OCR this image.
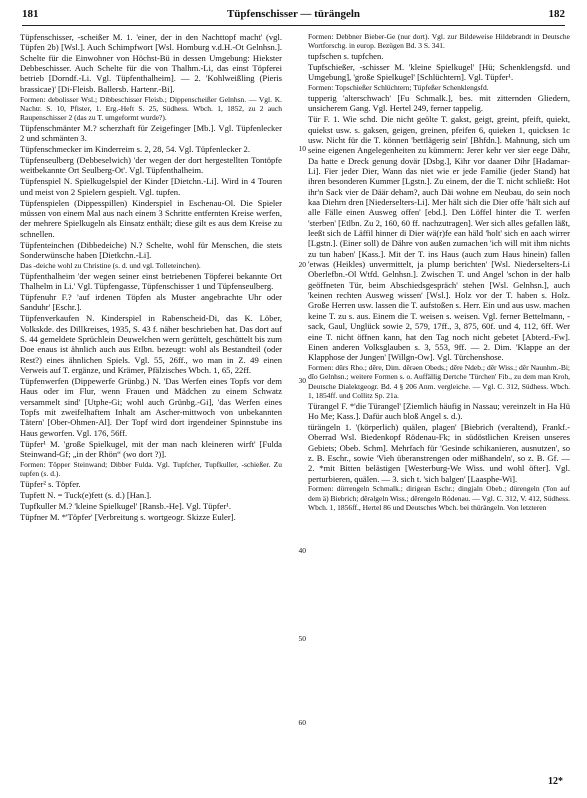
181	Tüpfenschisser — türängeln	182

Tüpfenschisser, -scheißer M. 1. 'einer, der in den Nachttopf macht' (vgl. Tüpfen 2b) [Wsl.]. Auch Schimpfwort [Wsl. Homburg v.d.H.-Ot Gelnhsn.]. Schelte für die Einwohner von Höchst-Bü in dessen Umgebung: Hiekster Debbeschisser. Auch Schelte für die von Thalhm.-Li, das einst Töpferei betrieb [Dorndf.-Li. Vgl. Tüpfenthalheim]. — 2. 'Kohlweißling (Pieris brassicae)' [Di-Fleisb. Ballersb. Hartenr.-Bi].

Formen: debolisser Wsl.; Dibbeschisser Fleisb.; Dippenscheißer Gelnhsn. — Vgl. K. Nachtr. S. 10, Pfister, 1. Erg.-Heft S. 25, Südhess. Wbch. 1, 1852, zu 2 auch Raupenschisser 2 (das zu T. umgeformt wurde?).

Tüpfenschmänter M.? scherzhaft für Zeigefinger [Mb.]. Vgl. Tüpfenlecker 2 und schmänten 3.

Tüpfenschmecker im Kinderreim s. 2, 28, 54. Vgl. Tüpfenlecker 2.

Tüpfenseulberg (Debbeselwich) 'der wegen der dort hergestellten Tontöpfe weitbekannte Ort Seulberg-Ot'. Vgl. Tüpfenthalheim.

Tüpfenspiel N. Spielkugelspiel der Kinder [Dietchn.-Li]. Wird in 4 Touren und meist von 2 Spielern gespielt. Vgl. tupfen.

Tüpfenspielen (Dippesspillen) Kinderspiel in Eschenau-Ol. Die Spieler müssen von einem Mal aus nach einem 3 Schritte entfernten Kreise werfen, der mehrere Spielkugeln als Einsatz enthält; diese gilt es aus dem Kreise zu schnellen.

Tüpfenteinchen (Dibbedeiche) N.? Schelte, wohl für Menschen, die stets Sonderwünsche haben [Dietkchn.-Li].

Das -deiche wohl zu Christine (s. d. und vgl. Tolleteinchen).

Tüpfenthalheim 'der wegen seiner einst betriebenen Töpferei bekannte Ort Thalhelm in Li.' Vgl. Tüpfengasse, Tüpfenschisser 1 und Tüpfenseulberg.

Tüpfenuhr F.? 'auf irdenen Töpfen als Muster angebrachte Uhr oder Sanduhr' [Eschr.].

Tüpfenverkaufen N. Kinderspiel in Rabenscheid-Di, das K. Löber, Volkskde. des Dillkreises, 1935, S. 43 f. näher beschrieben hat. Das dort auf S. 44 gemeldete Sprüchlein Deuwelchen wern gerüttelt, geschüttelt bis zum Doe enaus ist ähnlich auch aus Etlbn. bezeugt: wohl als Bestandteil (oder Rest?) eines ähnlichen Spiels. Vgl. 55, 26ff., wo man in Z. 49 einen Verweis auf T. ergänze, und Krämer, Pfälzisches Wbch. 1, 65, 22ff.

Tüpfenwerfen (Dippewerfe Grünbg.) N. 'Das Werfen eines Topfs vor dem Haus oder im Flur, wenn Frauen und Mädchen zu einem Schwatz versammelt sind' [Utphe-Gi; wohl auch Grünbg.-Gi], 'das Werfen eines Topfs mit zweifelhaftem Inhalt am Ascher-mittwoch von unbekannten Tätern' [Ober-Ohmen-Al]. Der Topf wird dort irgendeiner Spinnstube ins Haus geworfen. Vgl. 176, 56ff.

Tüpfer¹ M. 'große Spielkugel, mit der man nach kleineren wirft' [Fulda Steinwand-Gf; „in der Rhön“ (wo dort ?)].

Formen: Töpper Steinwand; Dibber Fulda. Vgl. Tupfcher, Tupfkuller, -schießer. Zu tupfen (s. d.).

Tüpfer² s. Töpfer.

Tupfett N. = Tuck(e)fett (s. d.) [Han.].

Tupfkuller M.? 'kleine Spielkugel' [Ransb.-He]. Vgl. Tüpfer¹.

Tüpfner M. *'Töpfer' [Verbreitung s. wortgeogr. Skizze Euler].

10
20
30
40
50
60

Formen: Debbner Bieber-Ge (nur dort). Vgl. zur Bildeweise Hildebrandt in Deutsche Wortforschg. in europ. Bezügen Bd. 3 S. 341.

tupfschen s. tupfchen.

Tupfschießer, -schisser M. 'kleine Spielkugel' [Hü; Schenklengsfd. und Umgebung], 'große Spielkugel' [Schlüchtern]. Vgl. Tüpfer¹.

Formen: Topschießer Schlüchtern; Tüpfeßer Schenklengsfd.

tupperig 'alterschwach' [Fu Schmalk.], bes. mit zitternden Gliedern, unsicherem Gang. Vgl. Hertel 249, ferner tappelig.

Tür F. 1. Wie schd. Die nicht geölte T. gakst, geigt, greint, pfeift, quiekt, quiekst usw. s. gaksen, geigen, greinen, pfeifen 6, quieken 1, quicksen 1c usw. Nicht für die T. können 'bettlägerig sein' [Bhfdn.]. Mahnung, sich um seine eigenen Angelegenheiten zu kümmern: Jerer kehr ver sier eege Dähr, Da hatte e Dreck genung dovär [Dsbg.], Kihr vor daaner Dihr [Hadamar-Li]. Fier jeder Dier, Wann das niet wie er jede Familie (jeder Stand) hat ihren besonderen Kummer [Lgstn.]. Zu einem, der die T. nicht schließt: Hot ihr'n Sack vier de Däär deham?, auch Däi wohne em Neubau, do sein noch kaa Diehrn dren [Niederselters-Li]. Mer hält sich die Dier offe 'hält sich auf alle Fälle einen Ausweg offen' [ebd.]. Den Löffel hinter die T. werfen 'sterben' [Etlbn. Zu 2, 160, 60 ff. nachzutragen]. Wer sich alles gefallen läßt, leeßt sich de Läffil hinner di Dier wä(r)fe ean häld 'holt' sich en aach wirrer [Lgstn.]. (Einer soll) de Dähre von außen zumachen 'ich will mit ihm nichts zu tun haben' [Kass.]. Mit der T. ins Haus (auch zum Haus hinein) fallen 'etwas (Heikles) unvermittelt, ja plump berichten' [Wsl. Niederselters-Li Oberlefbn.-Ol Wtfd. Gelnhsn.]. Zwischen T. und Angel 'schon in der halb geöffneten Tür, beim Abschiedsgespräch' stehen [Wsl. Gelnhsn.], auch 'keinen rechten Ausweg wissen' [Wsl.]. Holz vor der T. haben s. Holz. Große Herren usw. lassen die T. aufstoßen s. Herr. Ein und aus usw. machen keine T. zu s. aus. Einem die T. weisen s. weisen. Vgl. ferner Bettelmann, -sack, Gaul, Unglück sowie 2, 579, 17ff., 3, 875, 60f. und 4, 112, 6ff. Wer eine T. nicht öffnen kann, hat den Tag noch nicht gebetet [Abterd.-Fw]. Einen anderen Volksglauben s. 3, 553, 9ff. — 2. Dim. 'Klappe an der Klapphose der Jungen' [Willgn-Ow]. Vgl. Türchenshose.

Formen: dūrs Rho.; dēre, Dim. dērəen Obeds.; dēre Ndeb.; dēr Wiss.; dēr Naunhm.-Bi; dīo Gelnhsn.; weitere Formen s. o. Auffällig Dertche 'Türchen' Fib., zu dem man Kroh, Deutsche Dialektgeogr. Bd. 4 § 206 Anm. vergleiche. — Vgl. C. 312, Südhess. Wbch. 1, 1854ff. und Collitz Sp. 21a.

Türangel F. *'die Türangel' [Ziemlich häufig in Nassau; vereinzelt in Ha Hü Ho Me; Kass.]. Dafür auch bloß Angel s. d.).

türängeln 1. '(körperlich) quälen, plagen' [Biebrich (veraltend), Frankf.-Oberrad Wsl. Biedenkopf Rödenau-Fk; in südöstlichen Kreisen unseres Gebiets; Obeb. Schm]. Mehrfach für 'Gesinde schikanieren, ausnutzen', so z. B. Eschr., sowie 'Vieh überanstrengen oder mißhandeln', so z. B. Gf. — 2. *mit Bitten belästigen [Westerburg-We Wiss. und wohl öfter]. Vgl. perturbieren, quälen. — 3. sich t. 'sich balgen' [Laasphe-Wi].

Formen: dürrengeln Schmalk.; dirigean Eschr.; dingjaln Obeb.; dürengeln (Ton auf dem ä) Biebrich; dērəlgeln Wiss.; dērengeln Rödenau. — Vgl. C. 312, V. 412, Südhess. Wbch. 1, 1856ff., Hertel 86 und Deutsches Wbch. bei thürängeln. Von letzteren

12*
